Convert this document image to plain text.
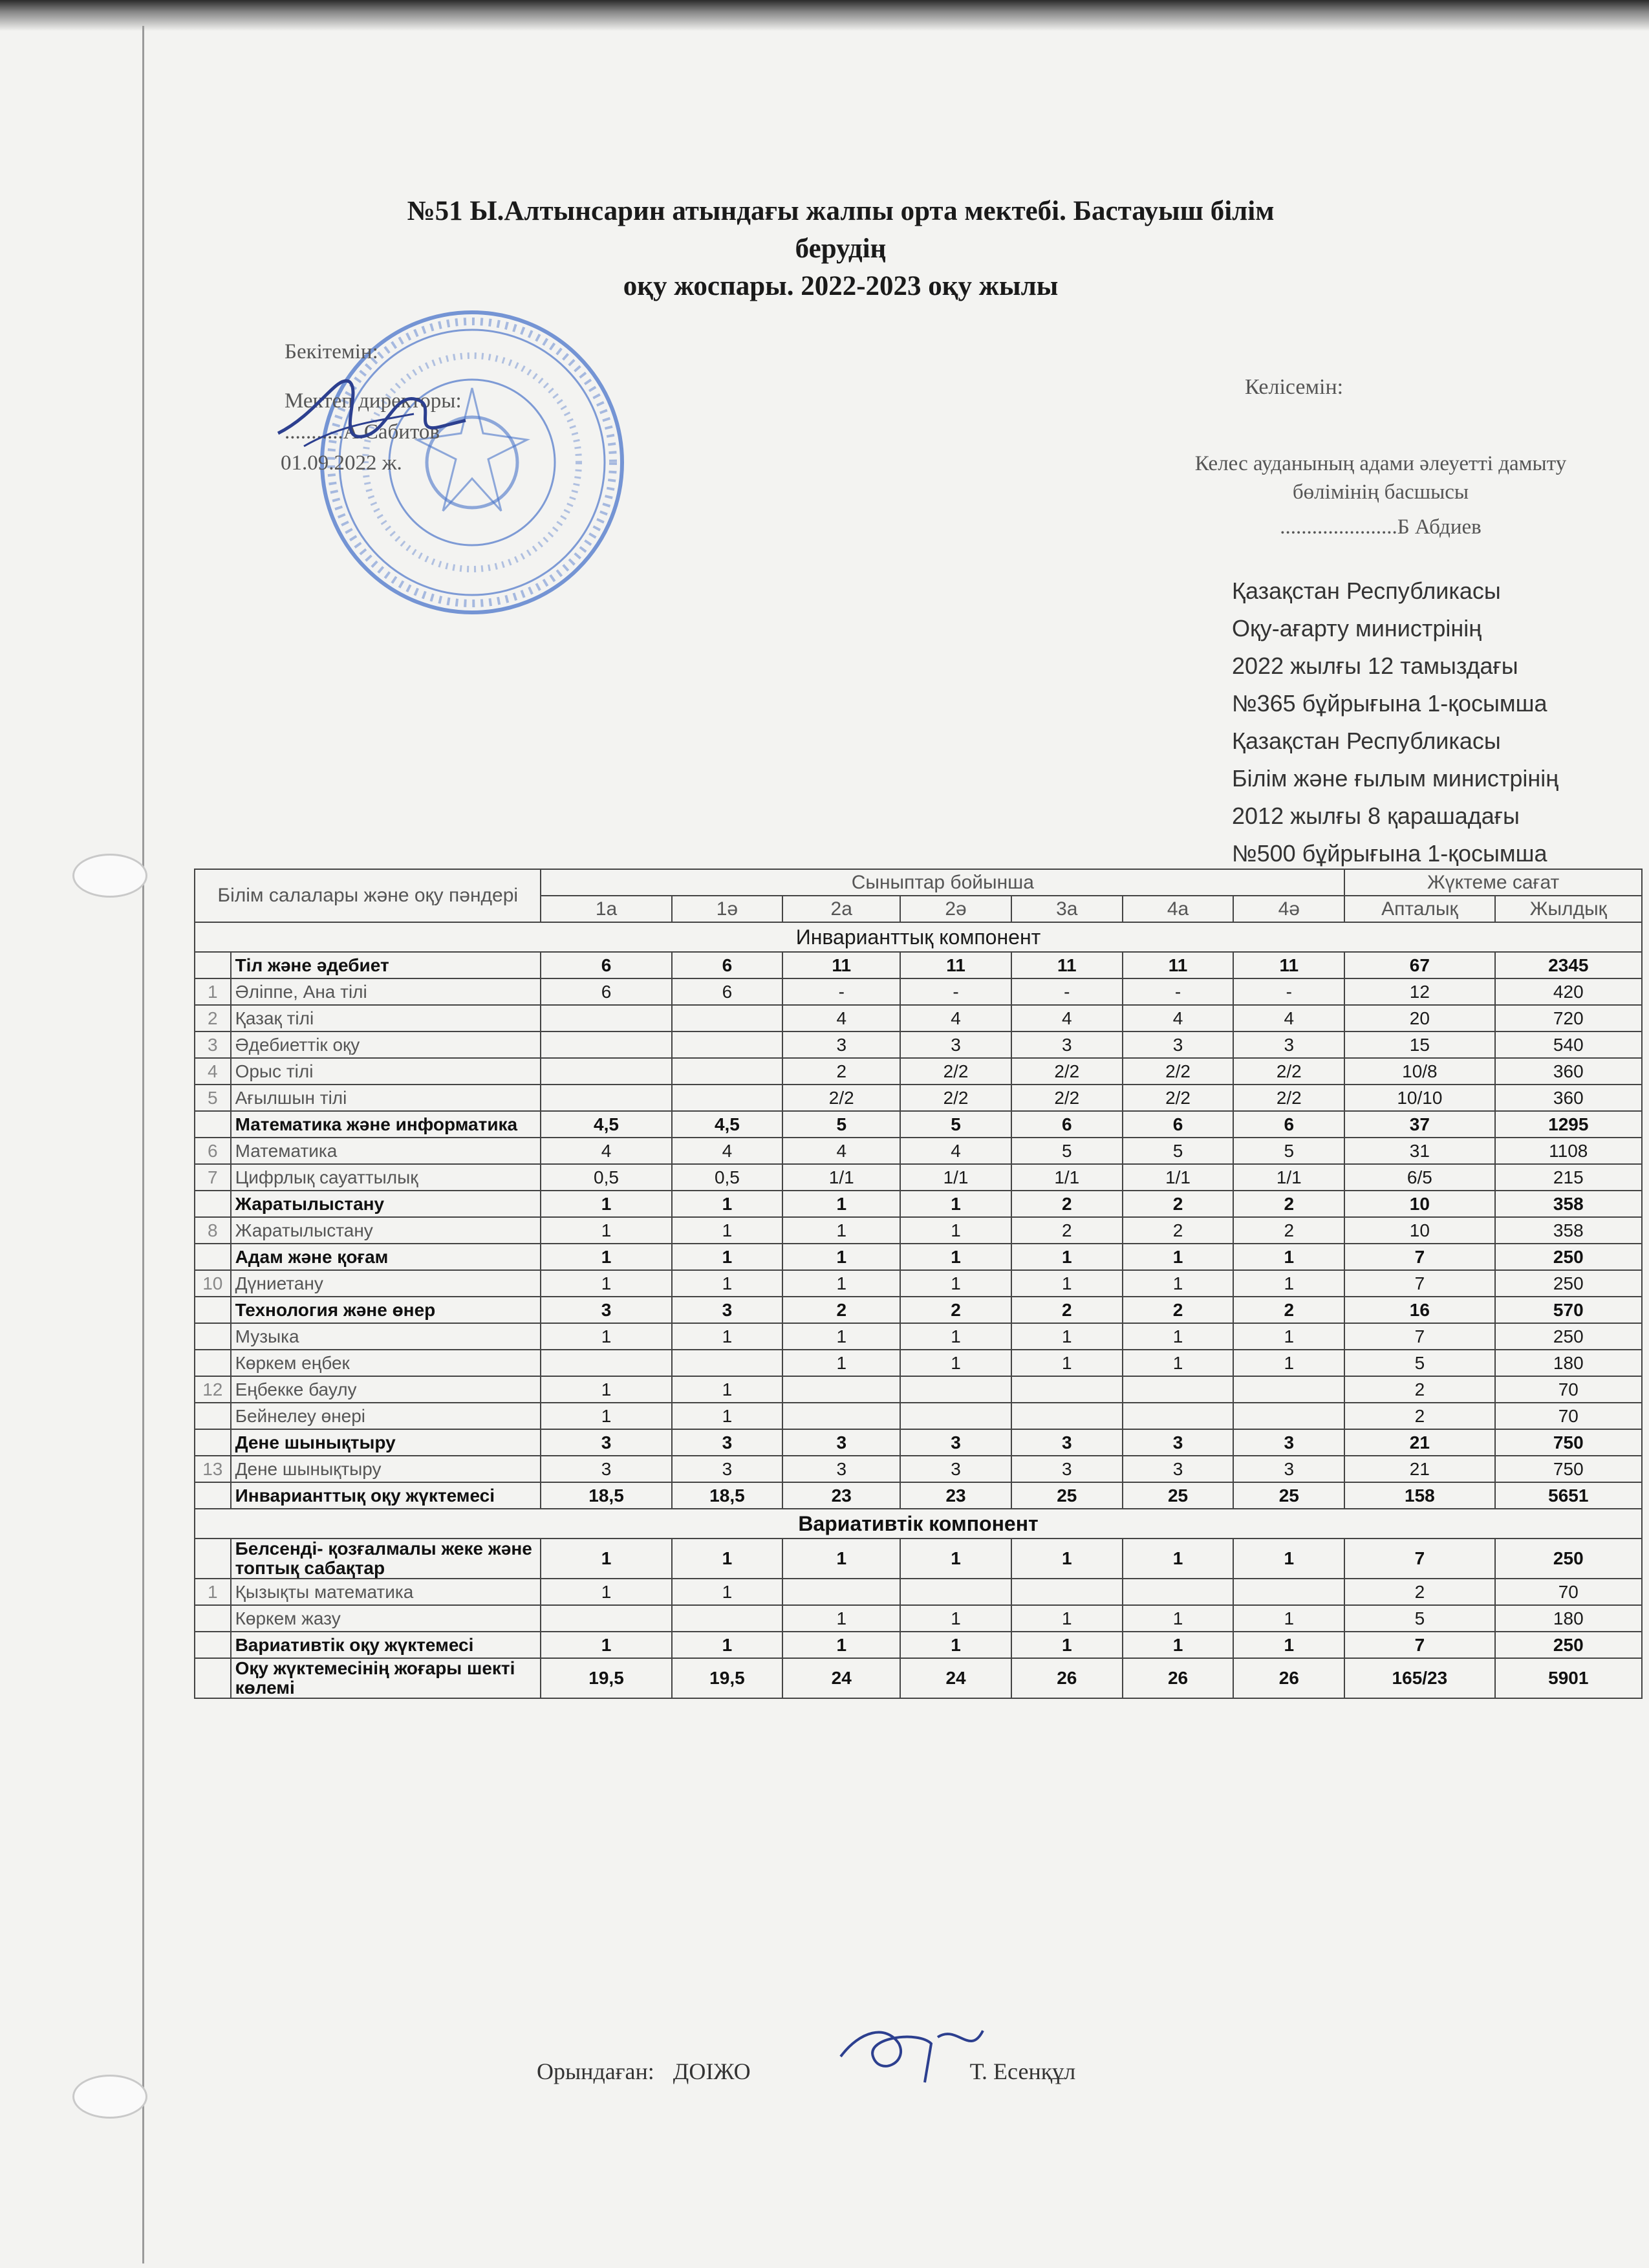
№51 Ы.Алтынсарин атындағы жалпы орта мектебі. Бастауыш білім берудің
оқу жоспары. 2022-2023 оқу жылы
Бекітемін:
Мектеп директоры:
...........А.Сабитов
01.09.2022 ж.
Келісемін:
Келес ауданының адами әлеуетті дамыту
бөлімінің басшысы
......................Б Абдиев
Қазақстан Республикасы
Оқу-ағарту министрінің
2022 жылғы 12 тамыздағы
№365 бұйрығына 1-қосымша
Қазақстан Республикасы
Білім және ғылым министрінің
2012 жылғы 8 қарашадағы
№500 бұйрығына 1-қосымша
Білім салалары және оқу пәндері		Сыныптар бойынша							Жүктеме сағат	
		1а	1ә	2а	2ә	3а	4а	4ә	Апталық	Жылдық
Инварианттық компонент										
	Тіл және әдебиет	6	6	11	11	11	11	11	67	2345
1	Әліппе, Ана тілі	6	6	-	-	-	-	-	12	420
2	Қазақ тілі			4	4	4	4	4	20	720
3	Әдебиеттік оқу			3	3	3	3	3	15	540
4	Орыс тілі			2	2/2	2/2	2/2	2/2	10/8	360
5	Ағылшын тілі			2/2	2/2	2/2	2/2	2/2	10/10	360
	Математика және информатика	4,5	4,5	5	5	6	6	6	37	1295
6	Математика	4	4	4	4	5	5	5	31	1108
7	Цифрлық сауаттылық	0,5	0,5	1/1	1/1	1/1	1/1	1/1	6/5	215
	Жаратылыстану	1	1	1	1	2	2	2	10	358
8	Жаратылыстану	1	1	1	1	2	2	2	10	358
	Адам және қоғам	1	1	1	1	1	1	1	7	250
10	Дүниетану	1	1	1	1	1	1	1	7	250
	Технология және өнер	3	3	2	2	2	2	2	16	570
	Музыка	1	1	1	1	1	1	1	7	250
	Көркем еңбек			1	1	1	1	1	5	180
12	Еңбекке баулу	1	1						2	70
	Бейнелеу өнері	1	1						2	70
	Дене шынықтыру	3	3	3	3	3	3	3	21	750
13	Дене шынықтыру	3	3	3	3	3	3	3	21	750
	Инварианттық оқу жүктемесі	18,5	18,5	23	23	25	25	25	158	5651
Вариативтік компонент										
	Белсенді- қозғалмалы жеке және топтық сабақтар	1	1	1	1	1	1	1	7	250
1	Қызықты математика	1	1						2	70
	Көркем жазу			1	1	1	1	1	5	180
	Вариативтік оқу жүктемесі	1	1	1	1	1	1	1	7	250
	Оқу жүктемесінің жоғары шекті көлемі	19,5	19,5	24	24	26	26	26	165/23	5901
Орындаған: ДОІЖО	Т. Есенқұл
